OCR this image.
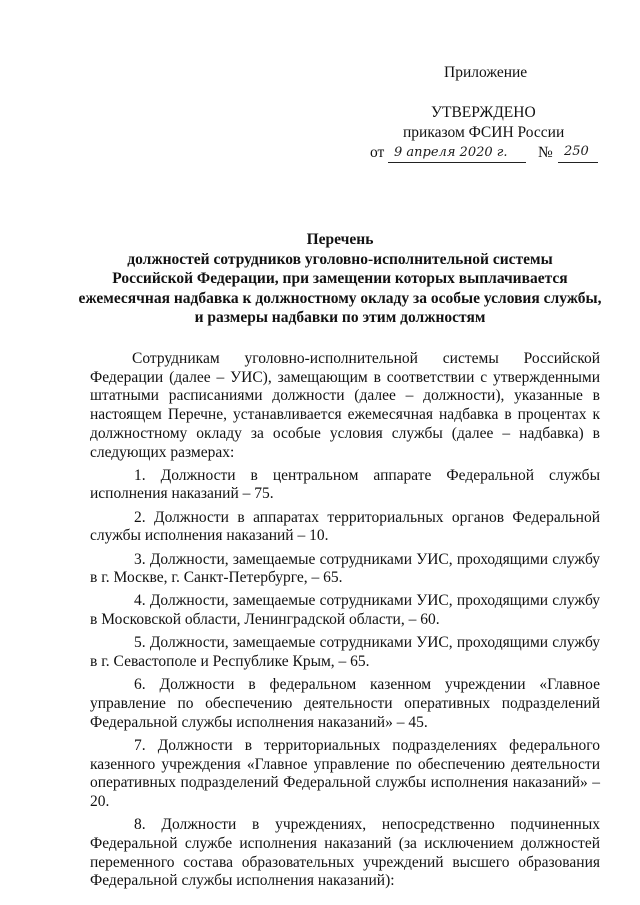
Приложение
УТВЕРЖДЕНО
приказом ФСИН России
от 9 апреля 2020 г. № 250
Перечень
должностей сотрудников уголовно-исполнительной системы
Российской Федерации, при замещении которых выплачивается
ежемесячная надбавка к должностному окладу за особые условия службы,
и размеры надбавки по этим должностям

Сотрудникам уголовно-исполнительной системы Российской Федерации (далее – УИС), замещающим в соответствии с утвержденными штатными расписаниями должности (далее – должности), указанные в настоящем Перечне, устанавливается ежемесячная надбавка в процентах к должностному окладу за особые условия службы (далее – надбавка) в следующих размерах:

1. Должности в центральном аппарате Федеральной службы исполнения наказаний – 75.

2. Должности в аппаратах территориальных органов Федеральной службы исполнения наказаний – 10.

3. Должности, замещаемые сотрудниками УИС, проходящими службу в г. Москве, г. Санкт-Петербурге, – 65.

4. Должности, замещаемые сотрудниками УИС, проходящими службу в Московской области, Ленинградской области, – 60.

5. Должности, замещаемые сотрудниками УИС, проходящими службу в г. Севастополе и Республике Крым, – 65.

6. Должности в федеральном казенном учреждении «Главное управление по обеспечению деятельности оперативных подразделений Федеральной службы исполнения наказаний» – 45.

7. Должности в территориальных подразделениях федерального казенного учреждения «Главное управление по обеспечению деятельности оперативных подразделений Федеральной службы исполнения наказаний» – 20.

8. Должности в учреждениях, непосредственно подчиненных Федеральной службе исполнения наказаний (за исключением должностей переменного состава образовательных учреждений высшего образования Федеральной службы исполнения наказаний):
